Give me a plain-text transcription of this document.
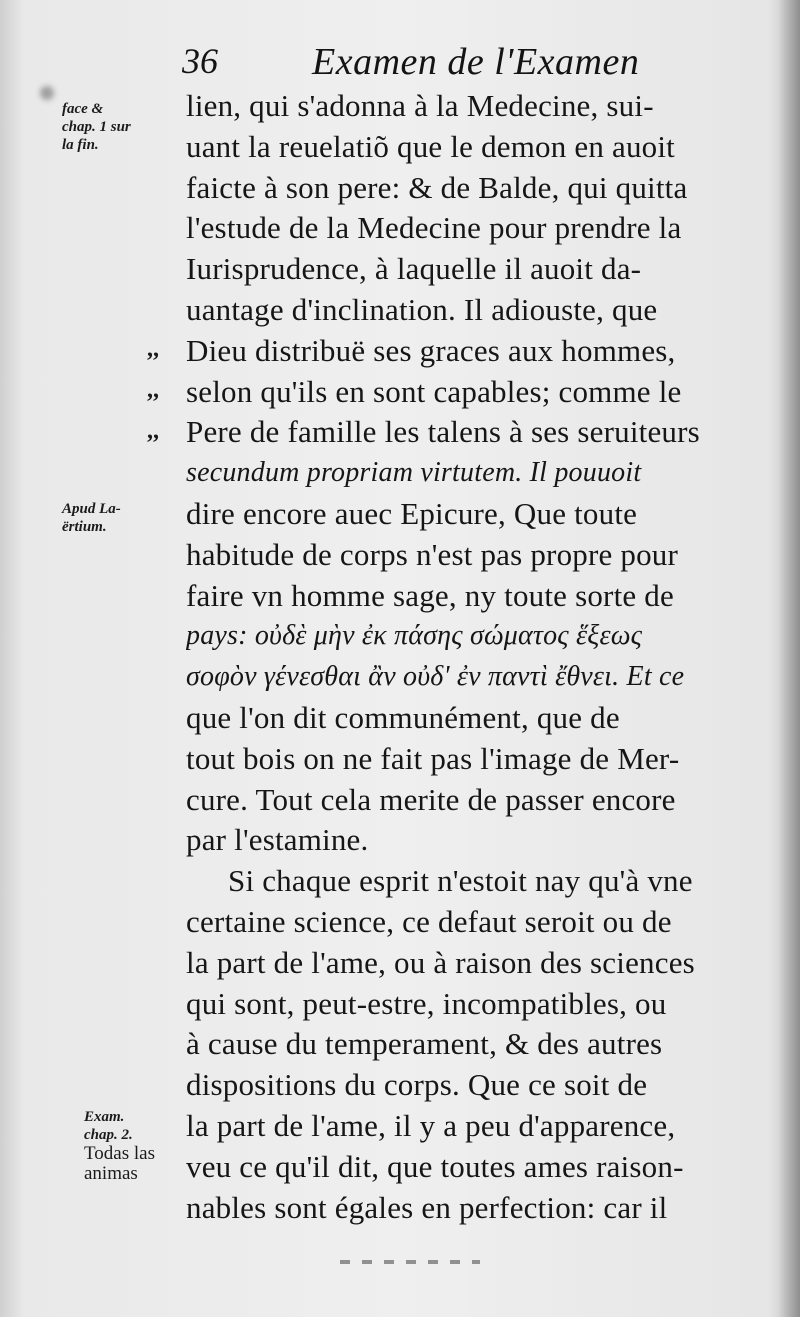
36 Examen de l'Examen
face &
chap. 1 sur
la fin.
Apud La-
ërtium.
Exam.
chap. 2.
Todas las
animas
,,
,,
,,
lien, qui s'adonna à la Medecine, sui-
uant la reuelatiõ que le demon en auoit
faicte à son pere: & de Balde, qui quitta
l'estude de la Medecine pour prendre la
Iurisprudence, à laquelle il auoit da-
uantage d'inclination. Il adiouste, que
Dieu distribuë ses graces aux hommes,
selon qu'ils en sont capables; comme le
Pere de famille les talens à ses seruiteurs
secundum propriam virtutem. Il pouuoit
dire encore auec Epicure, Que toute
habitude de corps n'est pas propre pour
faire vn homme sage, ny toute sorte de
pays: οὐδὲ μὴν ἐκ πάσης σώματος ἕξεως
σοφὸν γένεσθαι ἂν οὐδ' ἐν παντὶ ἔθνει. Et ce
que l'on dit communément, que de
tout bois on ne fait pas l'image de Mer-
cure. Tout cela merite de passer encore
par l'estamine.
Si chaque esprit n'estoit nay qu'à vne
certaine science, ce defaut seroit ou de
la part de l'ame, ou à raison des sciences
qui sont, peut-estre, incompatibles, ou
à cause du temperament, & des autres
dispositions du corps. Que ce soit de
la part de l'ame, il y a peu d'apparence,
veu ce qu'il dit, que toutes ames raison-
nables sont égales en perfection: car il
